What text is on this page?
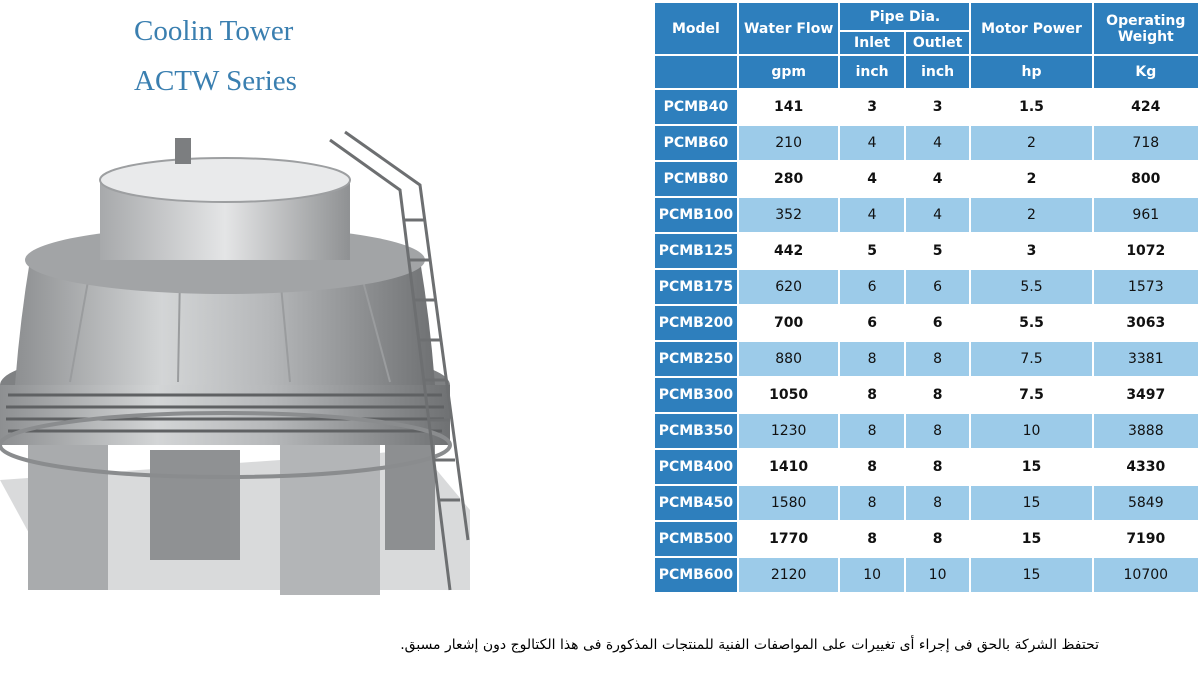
Coolin Tower
ACTW Series
Model	Water Flow	Pipe Dia.		Motor Power	Operating Weight
		Inlet	Outlet		
	gpm	inch	inch	hp	Kg
PCMB40	141	3	3	1.5	424
PCMB60	210	4	4	2	718
PCMB80	280	4	4	2	800
PCMB100	352	4	4	2	961
PCMB125	442	5	5	3	1072
PCMB175	620	6	6	5.5	1573
PCMB200	700	6	6	5.5	3063
PCMB250	880	8	8	7.5	3381
PCMB300	1050	8	8	7.5	3497
PCMB350	1230	8	8	10	3888
PCMB400	1410	8	8	15	4330
PCMB450	1580	8	8	15	5849
PCMB500	1770	8	8	15	7190
PCMB600	2120	10	10	15	10700
تحتفظ الشركة بالحق فى إجراء أى تغييرات على المواصفات الفنية للمنتجات المذكورة فى هذا الكتالوج دون إشعار مسبق.
